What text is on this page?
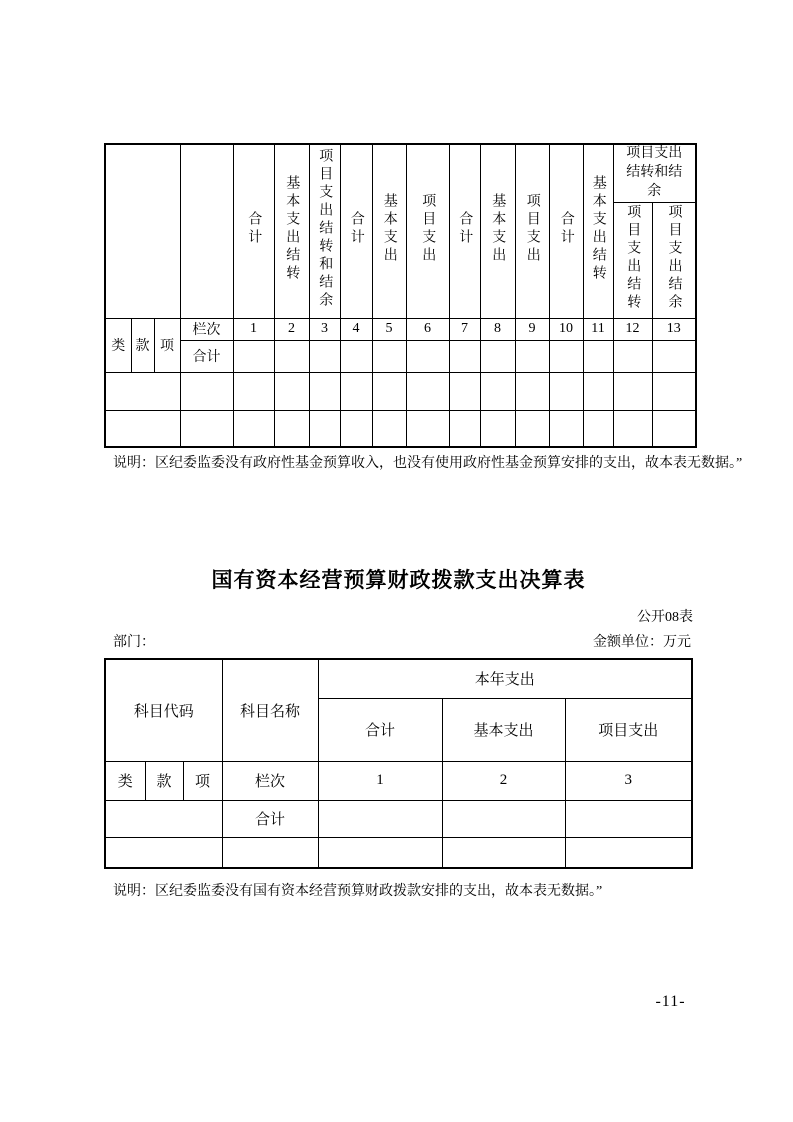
				合计	基本支出结转	项目支出结转和结余	合计	基本支出	项目支出	合计	基本支出	项目支出	合计	基本支出结转	项目支出结转和结余	
															项目支出结转	项目支出结余
类	款	项	栏次	1	2	3	4	5	6	7	8	9	10	11	12	13
			合计													

说明：区纪委监委没有政府性基金预算收入，也没有使用政府性基金预算安排的支出，故本表无数据。”
国有资本经营预算财政拨款支出决算表
公开08表
部门：	金额单位：万元
科目代码			科目名称	本年支出		
				合计	基本支出	项目支出
类	款	项	栏次	1	2	3
			合计			

说明：区纪委监委没有国有资本经营预算财政拨款安排的支出，故本表无数据。”
-11-
